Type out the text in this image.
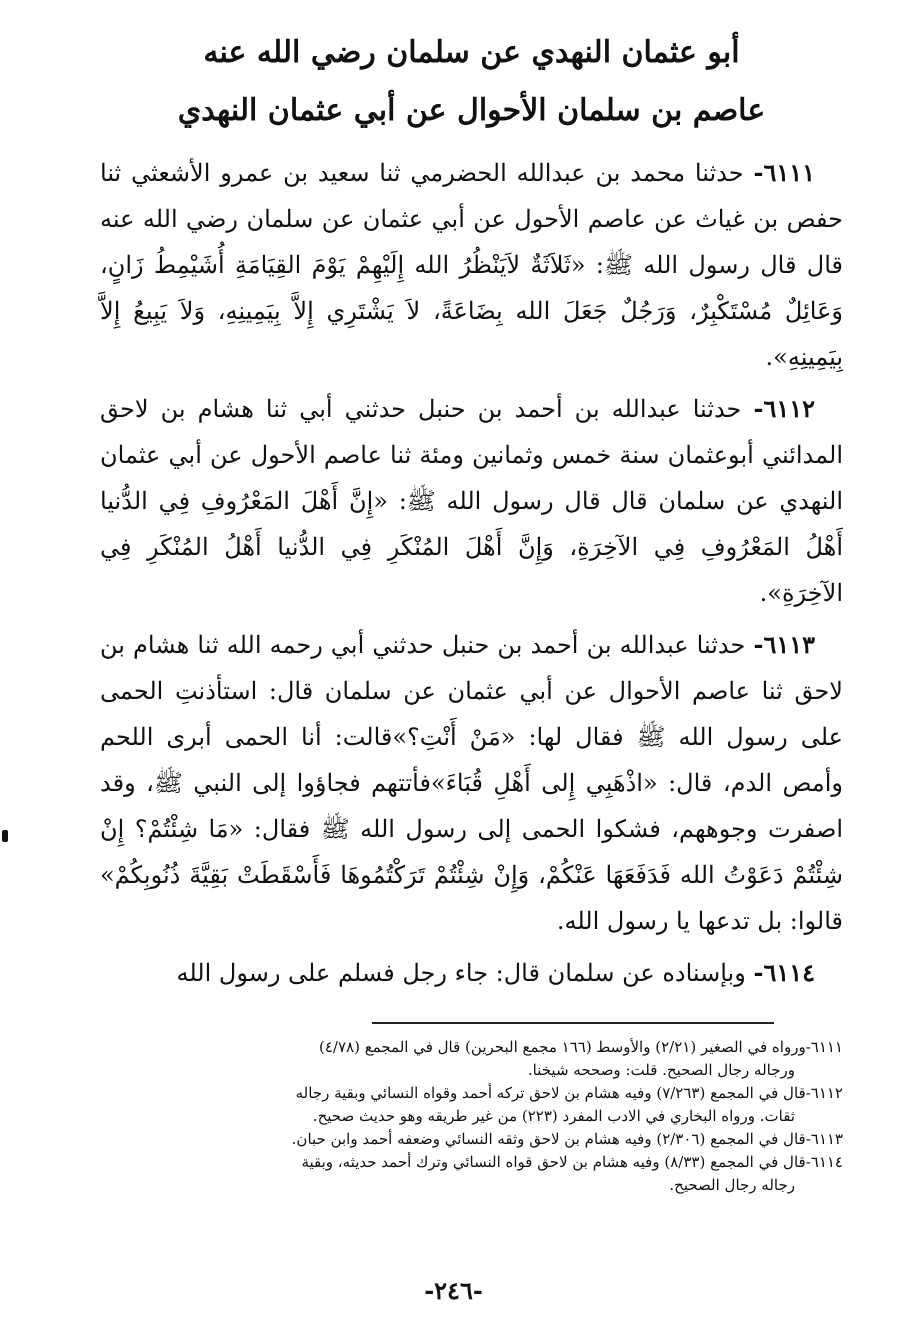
أبو عثمان النهدي عن سلمان رضي الله عنه
عاصم بن سلمان الأحوال عن أبي عثمان النهدي

٦١١١- حدثنا محمد بن عبدالله الحضرمي ثنا سعيد بن عمرو الأشعثي ثنا حفص بن غياث عن عاصم الأحول عن أبي عثمان عن سلمان رضي الله عنه قال قال رسول الله ﷺ: «ثَلاَثَةٌ لاَيَنْظُرُ الله إِلَيْهِمْ يَوْمَ القِيَامَةِ أُشَيْمِطُ زَانٍ، وَعَائِلٌ مُسْتَكْبِرٌ، وَرَجُلٌ جَعَلَ الله بِضَاعَةً، لاَ يَشْتَرِي إِلاَّ بِيَمِينِهِ، وَلاَ يَبِيعُ إِلاَّ بِيَمِينِهِ».

٦١١٢- حدثنا عبدالله بن أحمد بن حنبل حدثني أبي ثنا هشام بن لاحق المدائني أبوعثمان سنة خمس وثمانين ومئة ثنا عاصم الأحول عن أبي عثمان النهدي عن سلمان قال قال رسول الله ﷺ: «إِنَّ أَهْلَ المَعْرُوفِ فِي الدُّنيا أَهْلُ المَعْرُوفِ فِي الآخِرَةِ، وَإِنَّ أَهْلَ المُنْكَرِ فِي الدُّنيا أَهْلُ المُنْكَرِ فِي الآخِرَةِ».

٦١١٣- حدثنا عبدالله بن أحمد بن حنبل حدثني أبي رحمه الله ثنا هشام بن لاحق ثنا عاصم الأحوال عن أبي عثمان عن سلمان قال: استأذنتِ الحمى على رسول الله ﷺ فقال لها: «مَنْ أَنْتِ؟»قالت: أنا الحمى أبرى اللحم وأمص الدم، قال: «اذْهَبِي إِلى أَهْلِ قُبَاءَ»فأتتهم فجاؤوا إلى النبي ﷺ، وقد اصفرت وجوههم، فشكوا الحمى إلى رسول الله ﷺ فقال: «مَا شِئْتُمْ؟ إِنْ شِئْتُمْ دَعَوْتُ الله فَدَفَعَهَا عَنْكُمْ، وَإِنْ شِئْتُمْ تَرَكْتُمُوهَا فَأَسْقَطَتْ بَقِيَّةَ ذُنُوبِكُمْ» قالوا: بل تدعها يا رسول الله.

٦١١٤- وبإسناده عن سلمان قال: جاء رجل فسلم على رسول الله

٦١١١-ورواه في الصغير (٢/٢١) والأوسط (١٦٦ مجمع البحرين) قال في المجمع (٤/٧٨)

ورجاله رجال الصحيح. قلت: وصححه شيخنا.

٦١١٢-قال في المجمع (٧/٢٦٣) وفيه هشام بن لاحق تركه أحمد وقواه النسائي وبقية رجاله

ثقات. ورواه البخاري في الادب المفرد (٢٢٣) من غير طريقه وهو حديث صحيح.

٦١١٣-قال في المجمع (٢/٣٠٦) وفيه هشام بن لاحق وثقه النسائي وضعفه أحمد وابن حبان.

٦١١٤-قال في المجمع (٨/٣٣) وفيه هشام بن لاحق قواه النسائي وترك أحمد حديثه، وبقية

رجاله رجال الصحيح.

-٢٤٦-
